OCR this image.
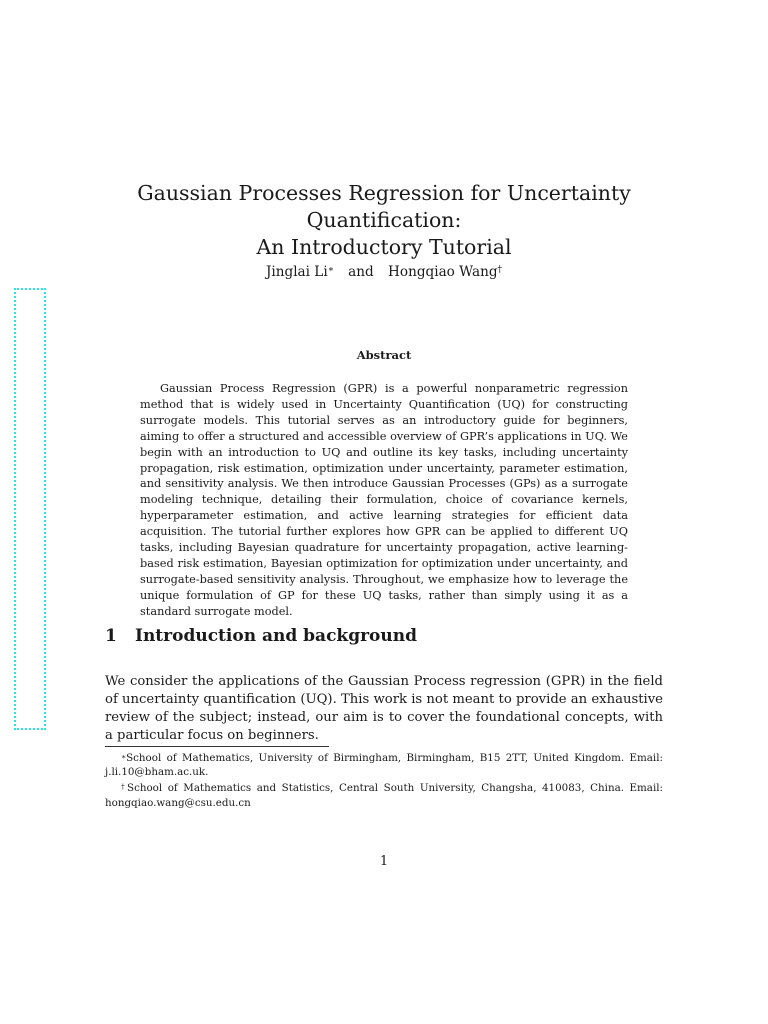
Gaussian Processes Regression for Uncertainty Quantification:
An Introductory Tutorial
Jinglai Li∗ and Hongqiao Wang†
Abstract

Gaussian Process Regression (GPR) is a powerful nonparametric regression method that is widely used in Uncertainty Quantification (UQ) for constructing surrogate models. This tutorial serves as an introductory guide for beginners, aiming to offer a structured and accessible overview of GPR’s applications in UQ. We begin with an introduction to UQ and outline its key tasks, including uncertainty propagation, risk estimation, optimization under uncertainty, parameter estimation, and sensitivity analysis. We then introduce Gaussian Processes (GPs) as a surrogate modeling technique, detailing their formulation, choice of covariance kernels, hyperparameter estimation, and active learning strategies for efficient data acquisition. The tutorial further explores how GPR can be applied to different UQ tasks, including Bayesian quadrature for uncertainty propagation, active learning-based risk estimation, Bayesian optimization for optimization under uncertainty, and surrogate-based sensitivity analysis. Throughout, we emphasize how to leverage the unique formulation of GP for these UQ tasks, rather than simply using it as a standard surrogate model.

1 Introduction and background

We consider the applications of the Gaussian Process regression (GPR) in the field of uncertainty quantification (UQ). This work is not meant to provide an exhaustive review of the subject; instead, our aim is to cover the foundational concepts, with a particular focus on beginners.

∗School of Mathematics, University of Birmingham, Birmingham, B15 2TT, United Kingdom. Email: j.li.10@bham.ac.uk.

†School of Mathematics and Statistics, Central South University, Changsha, 410083, China. Email: hongqiao.wang@csu.edu.cn

1
